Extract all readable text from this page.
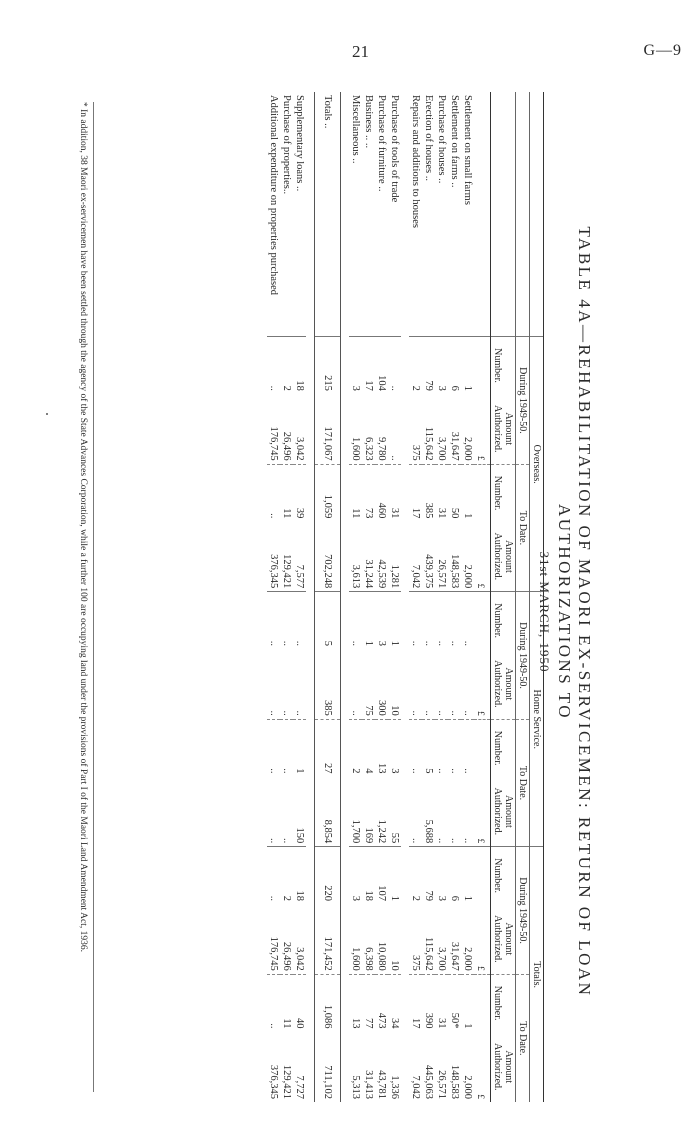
21	G—9
TABLE 4A—REHABILITATION OF MAORI EX-SERVICEMEN: RETURN OF LOAN AUTHORIZATIONS TO
31st MARCH, 1950
	Overseas.				Home Service.				Totals.			
	During 1949-50.		To Date.		During 1949-50.		To Date.		During 1949-50.		To Date.	
	Number.	Amount Authorized.	Number.	Amount Authorized.	Number.	Amount Authorized.	Number.	Amount Authorized.	Number.	Amount Authorized.	Number.	Amount Authorized.
		£		£		£		£		£		£
Settlement on small farms	1	2,000	1	2,000	..	..	..	..	1	2,000	1	2,000
Settlement on farms ..	6	31,647	50	148,583	..	..	..	..	6	31,647	50*	148,583
Purchase of houses ..	3	3,700	31	26,571	..	..	..	..	3	3,700	31	26,571
Erection of houses ..	79	115,642	385	439,375	..	..	5	5,688	79	115,642	390	445,063
Repairs and additions to houses	2	375	17	7,042	..	..	..	..	2	375	17	7,042

Purchase of tools of trade	..	..	31	1,281	1	10	3	55	1	10	34	1,336
Purchase of furniture ..	104	9,780	460	42,539	3	300	13	1,242	107	10,080	473	43,781
Business .. ..	17	6,323	73	31,244	1	75	4	169	18	6,398	77	31,413
Miscellaneous ..	3	1,600	11	3,613	..	..	2	1,700	3	1,600	13	5,313

Totals ..	215	171,067	1,059	702,248	5	385	27	8,854	220	171,452	1,086	711,102

Supplementary loans ..	18	3,042	39	7,577	..	..	1	150	18	3,042	40	7,727
Purchase of properties..	2	26,496	11	129,421	..	..	..	..	2	26,496	11	129,421
Additional expenditure on properties purchased	..	176,745	..	376,345	..	..	..	..	..	176,745	..	376,345
* In addition, 38 Maori ex-servicemen have been settled through the agency of the State Advances Corporation, while a further 100 are occupying land under the provisions of Part I of the Maori Land Amendment Act, 1936.
